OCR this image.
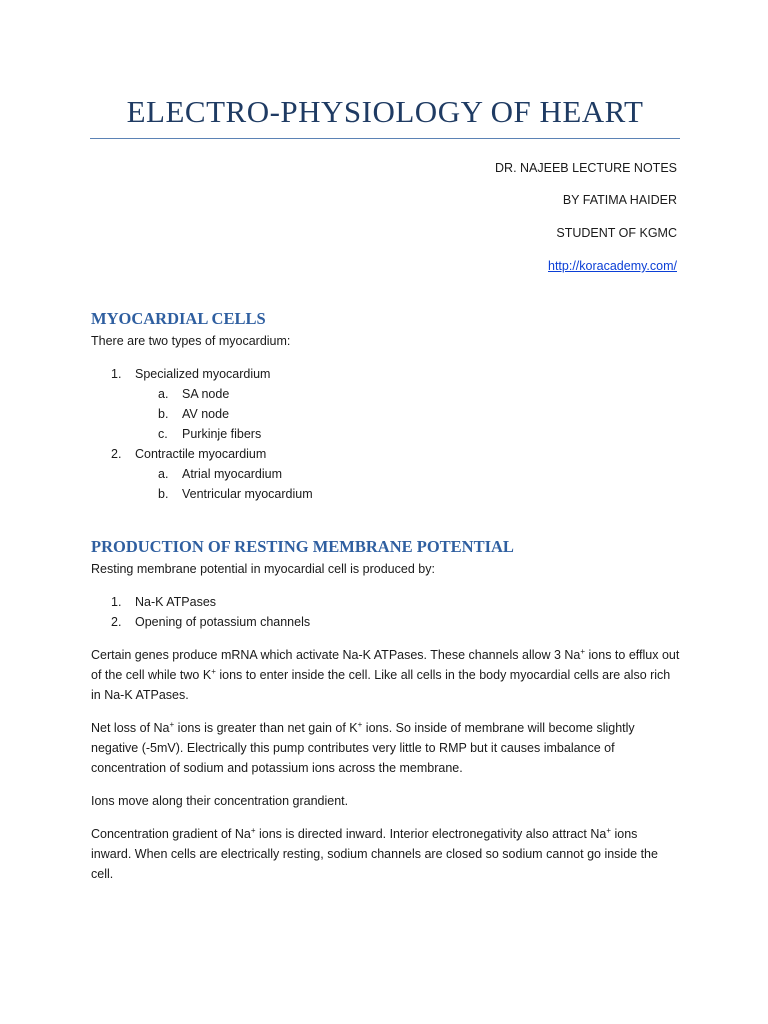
ELECTRO-PHYSIOLOGY OF HEART
DR. NAJEEB LECTURE NOTES
BY FATIMA HAIDER
STUDENT OF KGMC
http://koracademy.com/
MYOCARDIAL CELLS
There are two types of myocardium:
1. Specialized myocardium
a. SA node
b. AV node
c. Purkinje fibers
2. Contractile myocardium
a. Atrial myocardium
b. Ventricular myocardium
PRODUCTION OF RESTING MEMBRANE POTENTIAL
Resting membrane potential in myocardial cell is produced by:
1. Na-K ATPases
2. Opening of potassium channels
Certain genes produce mRNA which activate Na-K ATPases. These channels allow 3 Na+ ions to efflux out of the cell while two K+ ions to enter inside the cell. Like all cells in the body myocardial cells are also rich in Na-K ATPases.
Net loss of Na+ ions is greater than net gain of K+ ions. So inside of membrane will become slightly negative (-5mV). Electrically this pump contributes very little to RMP but it causes imbalance of concentration of sodium and potassium ions across the membrane.
Ions move along their concentration grandient.
Concentration gradient of Na+ ions is directed inward. Interior electronegativity also attract Na+ ions inward. When cells are electrically resting, sodium channels are closed so sodium cannot go inside the cell.
